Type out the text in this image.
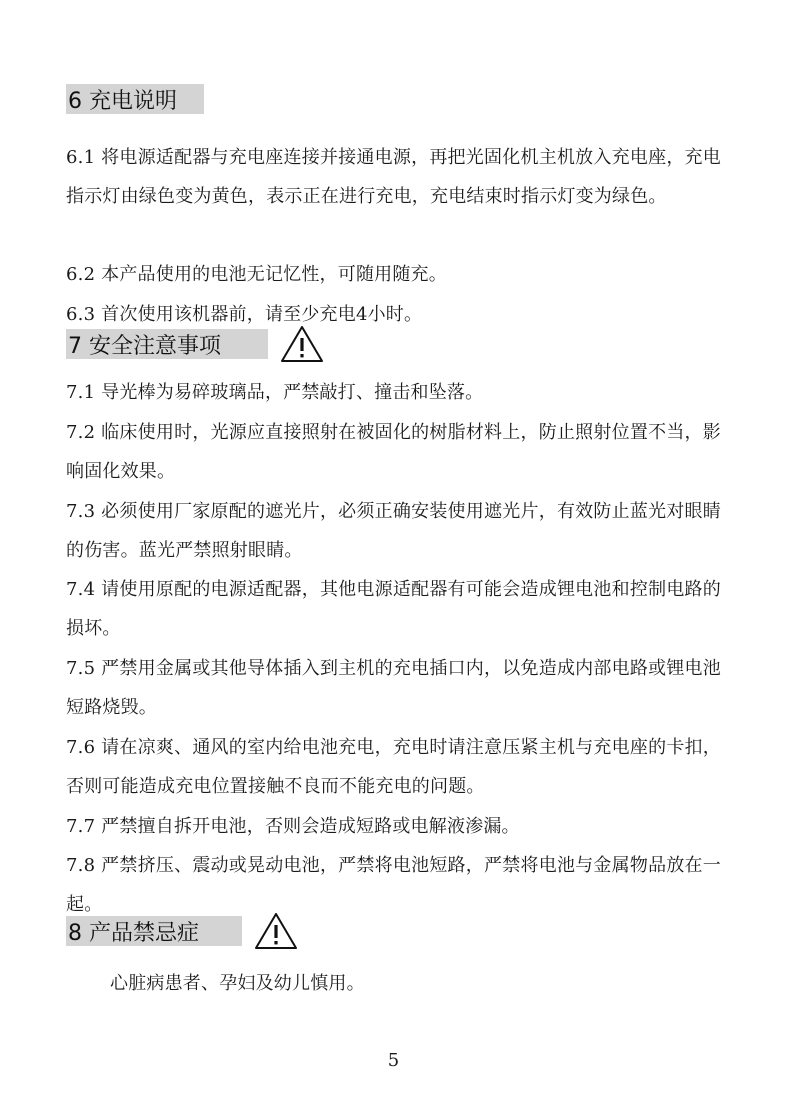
6 充电说明

6.1 将电源适配器与充电座连接并接通电源，再把光固化机主机放入充电座，充电指示灯由绿色变为黄色，表示正在进行充电，充电结束时指示灯变为绿色。

6.2 本产品使用的电池无记忆性，可随用随充。

6.3 首次使用该机器前，请至少充电4小时。

7 安全注意事项

7.1 导光棒为易碎玻璃品，严禁敲打、撞击和坠落。

7.2 临床使用时，光源应直接照射在被固化的树脂材料上，防止照射位置不当，影响固化效果。

7.3 必须使用厂家原配的遮光片，必须正确安装使用遮光片，有效防止蓝光对眼睛的伤害。蓝光严禁照射眼睛。

7.4 请使用原配的电源适配器，其他电源适配器有可能会造成锂电池和控制电路的损坏。

7.5 严禁用金属或其他导体插入到主机的充电插口内，以免造成内部电路或锂电池短路烧毁。

7.6 请在凉爽、通风的室内给电池充电，充电时请注意压紧主机与充电座的卡扣，否则可能造成充电位置接触不良而不能充电的问题。

7.7 严禁擅自拆开电池，否则会造成短路或电解液渗漏。

7.8 严禁挤压、震动或晃动电池，严禁将电池短路，严禁将电池与金属物品放在一起。

8 产品禁忌症

心脏病患者、孕妇及幼儿慎用。

5
